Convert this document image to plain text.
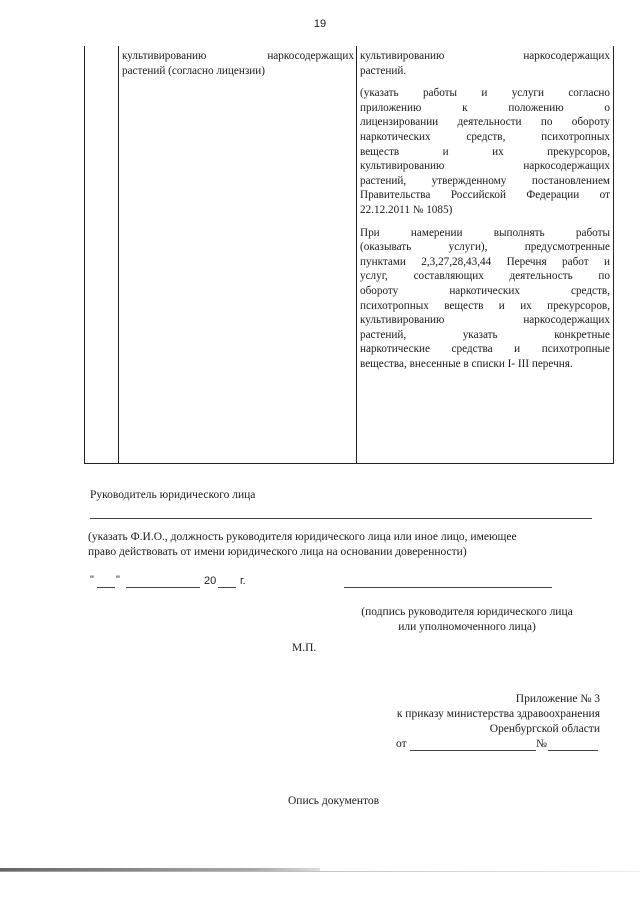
19
культивированию наркосодержащих
растений (согласно лицензии)
культивированию наркосодержащих
растений.
(указать работы и услуги согласно
приложению к положению о
лицензировании деятельности по обороту
наркотических средств, психотропных
веществ и их прекурсоров,
культивированию наркосодержащих
растений, утвержденному постановлением
Правительства Российской Федерации от
22.12.2011 № 1085)
При намерении выполнять работы
(оказывать услуги), предусмотренные
пунктами 2,3,27,28,43,44 Перечня работ и
услуг, составляющих деятельность по
обороту наркотических средств,
психотропных веществ и их прекурсоров,
культивированию наркосодержащих
растений, указать конкретные
наркотические средства и психотропные
вещества, внесенные в списки I- III перечня.
Руководитель юридического лица
(указать Ф.И.О., должность руководителя юридического лица или иное лицо, имеющее
право действовать от имени юридического лица на основании доверенности)
" "	20 г.
(подпись руководителя юридического лица
или уполномоченного лица)
М.П.
Приложение № 3
к приказу министерства здравоохранения
Оренбургской области
от	№
Опись документов
